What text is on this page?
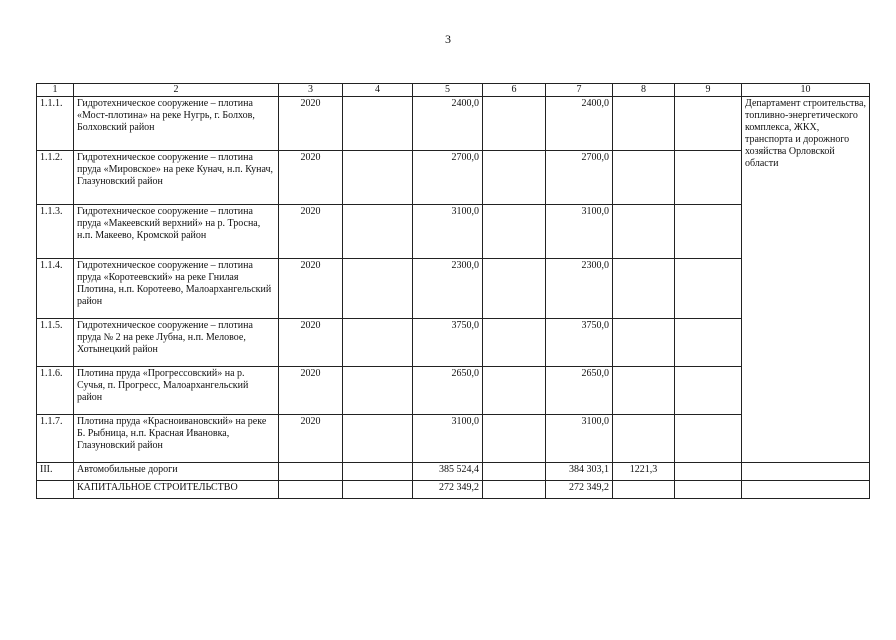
3
1	2	3	4	5	6	7	8	9	10
1.1.1.	Гидротехническое сооружение – плотина «Мост-плотина» на реке Нугрь, г. Болхов, Болховский район	2020		2400,0		2400,0			Департамент строительства, топливно-энергетического комплекса, ЖКХ, транспорта и дорожного хозяйства Орловской области
1.1.2.	Гидротехническое сооружение – плотина пруда «Мировское» на реке Кунач, н.п. Кунач, Глазуновский район	2020		2700,0		2700,0			
1.1.3.	Гидротехническое сооружение – плотина пруда «Макеевский верхний» на р. Тросна, н.п. Макеево, Кромской район	2020		3100,0		3100,0			
1.1.4.	Гидротехническое сооружение – плотина пруда «Коротеевский» на реке Гнилая Плотина, н.п. Коротеево, Малоархангельский район	2020		2300,0		2300,0			
1.1.5.	Гидротехническое сооружение – плотина пруда № 2 на реке Лубна, н.п. Меловое, Хотынецкий район	2020		3750,0		3750,0			
1.1.6.	Плотина пруда «Прогрессовский» на р. Сучья, п. Прогресс, Малоархангельский район	2020		2650,0		2650,0			
1.1.7.	Плотина пруда «Красноивановский» на реке Б. Рыбница, н.п. Красная Ивановка, Глазуновский район	2020		3100,0		3100,0			
III.	Автомобильные дороги			385 524,4		384 303,1	1221,3		
	КАПИТАЛЬНОЕ СТРОИТЕЛЬСТВО			272 349,2		272 349,2			
